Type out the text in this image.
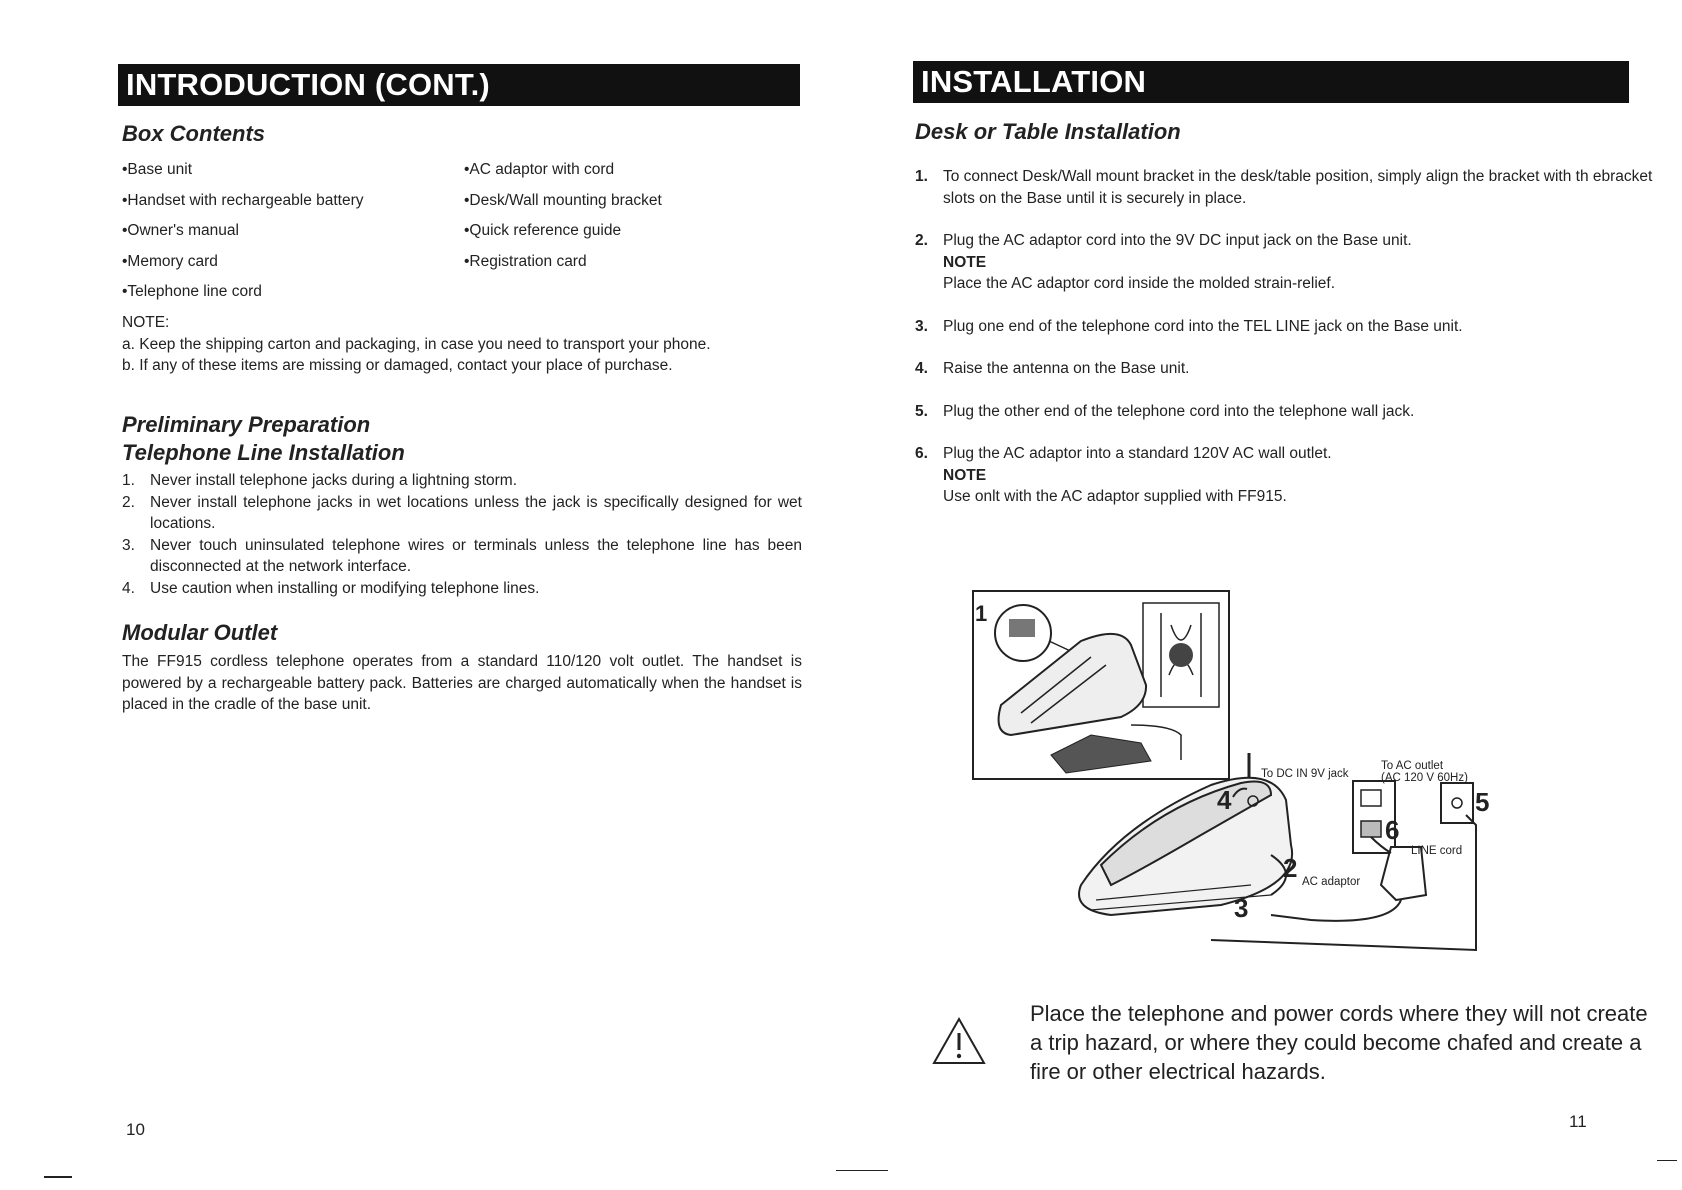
INTRODUCTION (CONT.)
Box Contents
•Base unit
•Handset with rechargeable battery
•Owner's manual
•Memory card
•Telephone line cord
•AC adaptor with cord
•Desk/Wall mounting bracket
•Quick reference guide
•Registration card
NOTE:
a. Keep the shipping carton and packaging, in case you need to transport your phone.
b. If any of these items are missing or damaged, contact your place of purchase.
Preliminary Preparation
Telephone Line Installation
1. Never install telephone jacks during a lightning storm.
2. Never install telephone jacks in wet locations unless the jack is specifically designed for wet locations.
3. Never touch uninsulated telephone wires or terminals unless the telephone line has been disconnected at the network interface.
4. Use caution when installing or modifying telephone lines.
Modular Outlet
The FF915 cordless telephone operates from a standard 110/120 volt outlet. The handset is powered by a rechargeable battery pack. Batteries are charged automatically when the handset is placed in the cradle of the base unit.
10
INSTALLATION
Desk or Table Installation
1. To connect Desk/Wall mount bracket in the desk/table position, simply align the bracket with th ebracket slots on the Base until it is securely in place.
2. Plug the AC adaptor cord into the 9V DC input jack on the Base unit.
NOTE
Place the AC adaptor cord inside the molded strain-relief.
3. Plug one end of the telephone cord into the TEL LINE jack on the Base unit.
4. Raise the antenna on the Base unit.
5. Plug the other end of the telephone cord into the telephone wall jack.
6. Plug the AC adaptor into a standard 120V AC wall outlet.
NOTE
Use onlt with the AC adaptor supplied with FF915.
1
To DC IN 9V jack
To AC outlet
(AC 120 V 60Hz)
LINE cord
AC adaptor
4	5
6
2
3
Place the telephone and power cords where they will not create a trip hazard, or where they could become chafed and create a fire or other electrical hazards.
11
